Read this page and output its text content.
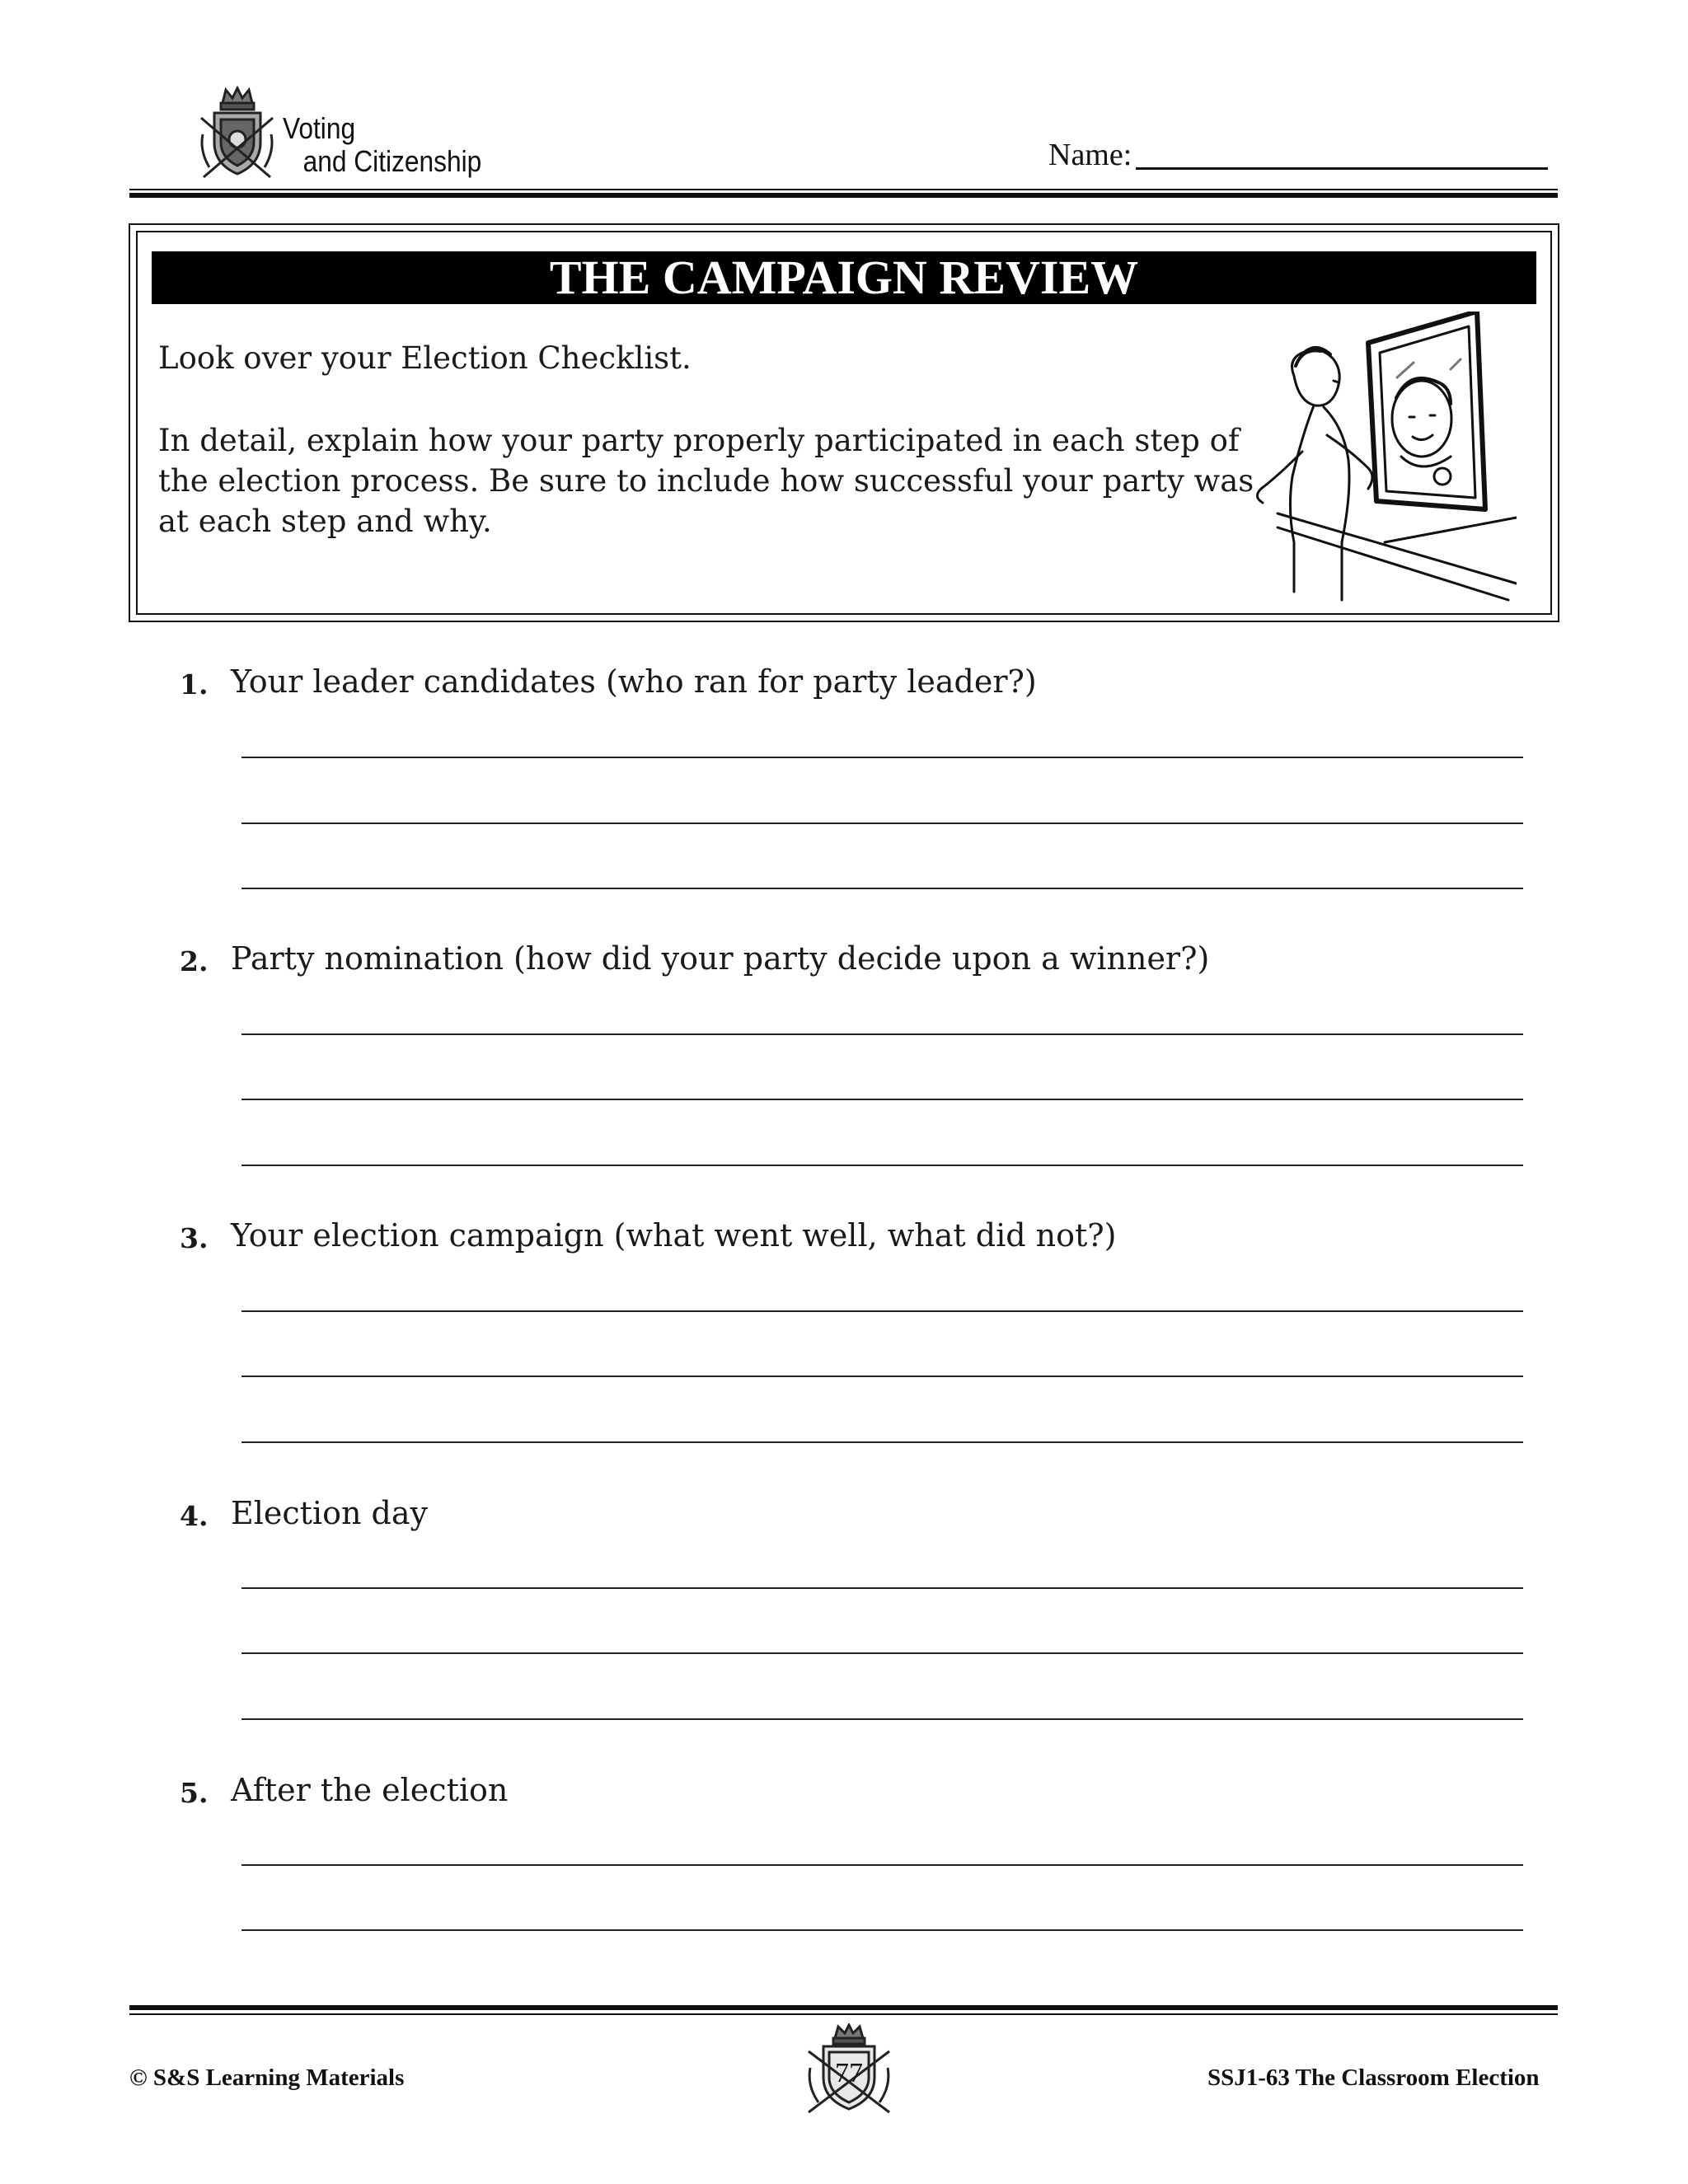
Voting
and Citizenship	Name:
THE CAMPAIGN REVIEW
Look over your Election Checklist.
In detail, explain how your party properly participated in each step of the election process. Be sure to include how successful your party was at each step and why.
1. Your leader candidates (who ran for party leader?)
2. Party nomination (how did your party decide upon a winner?)
3. Your election campaign (what went well, what did not?)
4. Election day
5. After the election
© S&S Learning Materials	77	SSJ1-63 The Classroom Election
